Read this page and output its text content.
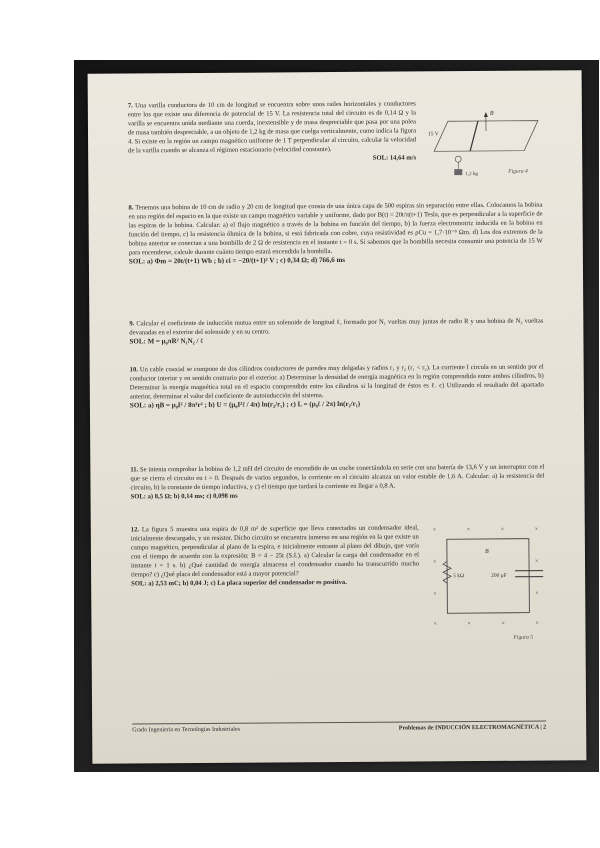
7. Una varilla conductora de 10 cm de longitud se encuentra sobre unos railes horizontales y conductores entre los que existe una diferencia de potencial de 15 V. La resistencia total del circuito es de 0,14 Ω y la varilla se encuentra unida mediante una cuerda, inextensible y de masa despreciable que pasa por una polea de masa también despreciable, a un objeto de 1,2 kg de masa que cuelga verticalmente, como indica la figura 4. Si existe en la región un campo magnético uniforme de 1 T perpendicular al circuito, calcular la velocidad de la varilla cuando se alcanza el régimen estacionario (velocidad constante).

SOL: 14,64 m/s

15 V
B
1,2 kg	Figura 4

8. Tenemos una bobina de 10 cm de radio y 20 cm de longitud que consta de una única capa de 500 espiras sin separación entre ellas. Colocamos la bobina en una región del espacio en la que existe un campo magnético variable y uniforme, dado por B(t) = 20t/π(t+1) Tesla, que es perpendicular a la superficie de las espiras de la bobina. Calcular: a) el flujo magnético a través de la bobina en función del tiempo, b) la fuerza electromotriz inducida en la bobina en función del tiempo, c) la resistencia óhmica de la bobina, si está fabricada con cobre, cuya resistividad es ρCu = 1,7·10⁻⁸ Ωm. d) Los dos extremos de la bobina anterior se conectan a una bombilla de 2 Ω de resistencia en el instante t = 0 s. Si sabemos que la bombilla necesita consumir una potencia de 15 W para encenderse, calcule durante cuánto tiempo estará encendida la bombilla.

SOL: a) Φm = 20t/(t+1) Wb ; b) εi = −20/(t+1)² V ; c) 0,34 Ω; d) 766,6 ms

9. Calcular el coeficiente de inducción mutua entre un solenoide de longitud ℓ, formado por N₁ vueltas muy juntas de radio R y una bobina de N₂ vueltas devanadas en el exterior del solenoide y en su centro.

SOL: M = μ₀πR² N₁N₂ / ℓ

10. Un cable coaxial se compone de dos cilindros conductores de paredes muy delgadas y radios r₁ y r₂ (r₁ < r₂). La corriente I circula en un sentido por el conductor interior y en sentido contrario por el exterior. a) Determinar la densidad de energía magnética en la región comprendida entre ambos cilindros. b) Determinar la energía magnética total en el espacio comprendido entre los cilindros si la longitud de éstos es ℓ. c) Utilizando el resultado del apartado anterior, determinar el valor del coeficiente de autoinducción del sistema.

SOL: a) ηB = μ₀I² / 8π²r² ; b) U = (μ₀I²ℓ / 4π) ln(r₂/r₁) ; c) L = (μ₀ℓ / 2π) ln(r₂/r₁)

11. Se intenta comprobar la bobina de 1,2 mH del circuito de encendido de un coche conectándola en serie con una batería de 13,6 V y un interruptor con el que se cierra el circuito en t = 0. Después de varios segundos, la corriente en el circuito alcanza un valor estable de 1,6 A. Calcular: a) la resistencia del circuito, b) la constante de tiempo inductiva, y c) el tiempo que tardará la corriente en llegar a 0,8 A.

SOL: a) 8,5 Ω; b) 0,14 ms; c) 0,098 ms

12. La figura 5 muestra una espira de 0,8 m² de superficie que lleva conectados un condensador ideal, inicialmente descargado, y un resistor. Dicho circuito se encuentra inmerso en una región en la que existe un campo magnético, perpendicular al plano de la espira, e inicialmente entrante al plano del dibujo, que varía con el tiempo de acuerdo con la expresión: B = 4 − 25t (S.I.). a) Calcular la carga del condensador en el instante t = 1 s. b) ¿Qué cantidad de energía almacena el condensador cuando ha transcurrido mucho tiempo? c) ¿Qué placa del condensador está a mayor potencial?

SOL: a) 2,53 mC; b) 0,04 J; c) La placa superior del condensador es positiva.

×	×	×	×
×	×
×	×
×	×	×	×
B
5 kΩ	200 μF
Figura 5
Grado Ingeniería en Tecnologías Industriales	Problemas de INDUCCIÓN ELECTROMAGNÉTICA | 2
